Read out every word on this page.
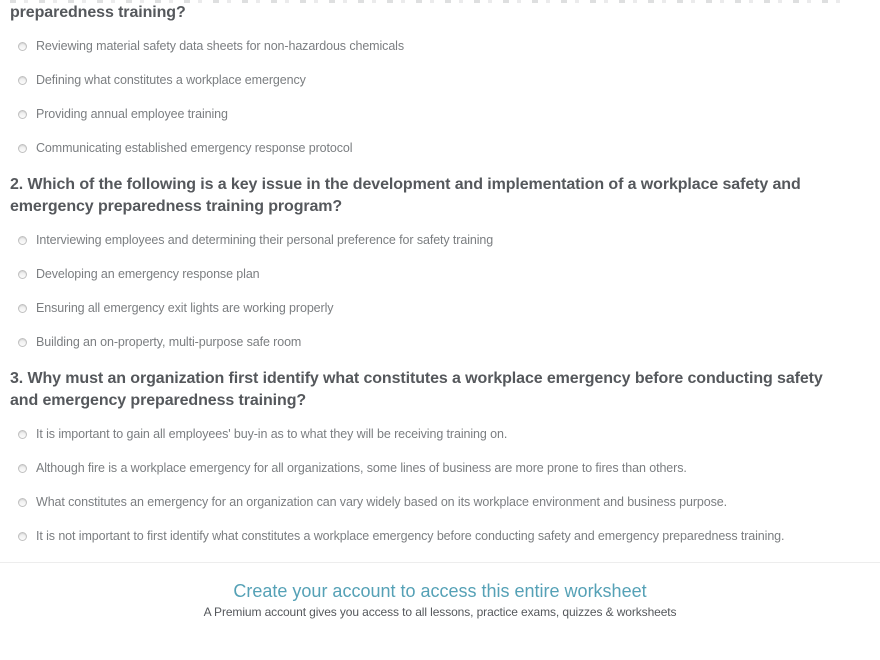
preparedness training?
Reviewing material safety data sheets for non-hazardous chemicals
Defining what constitutes a workplace emergency
Providing annual employee training
Communicating established emergency response protocol
2. Which of the following is a key issue in the development and implementation of a workplace safety and
emergency preparedness training program?
Interviewing employees and determining their personal preference for safety training
Developing an emergency response plan
Ensuring all emergency exit lights are working properly
Building an on-property, multi-purpose safe room
3. Why must an organization first identify what constitutes a workplace emergency before conducting safety
and emergency preparedness training?
It is important to gain all employees' buy-in as to what they will be receiving training on.
Although fire is a workplace emergency for all organizations, some lines of business are more prone to fires than others.
What constitutes an emergency for an organization can vary widely based on its workplace environment and business purpose.
It is not important to first identify what constitutes a workplace emergency before conducting safety and emergency preparedness training.
Create your account to access this entire worksheet
A Premium account gives you access to all lessons, practice exams, quizzes & worksheets
